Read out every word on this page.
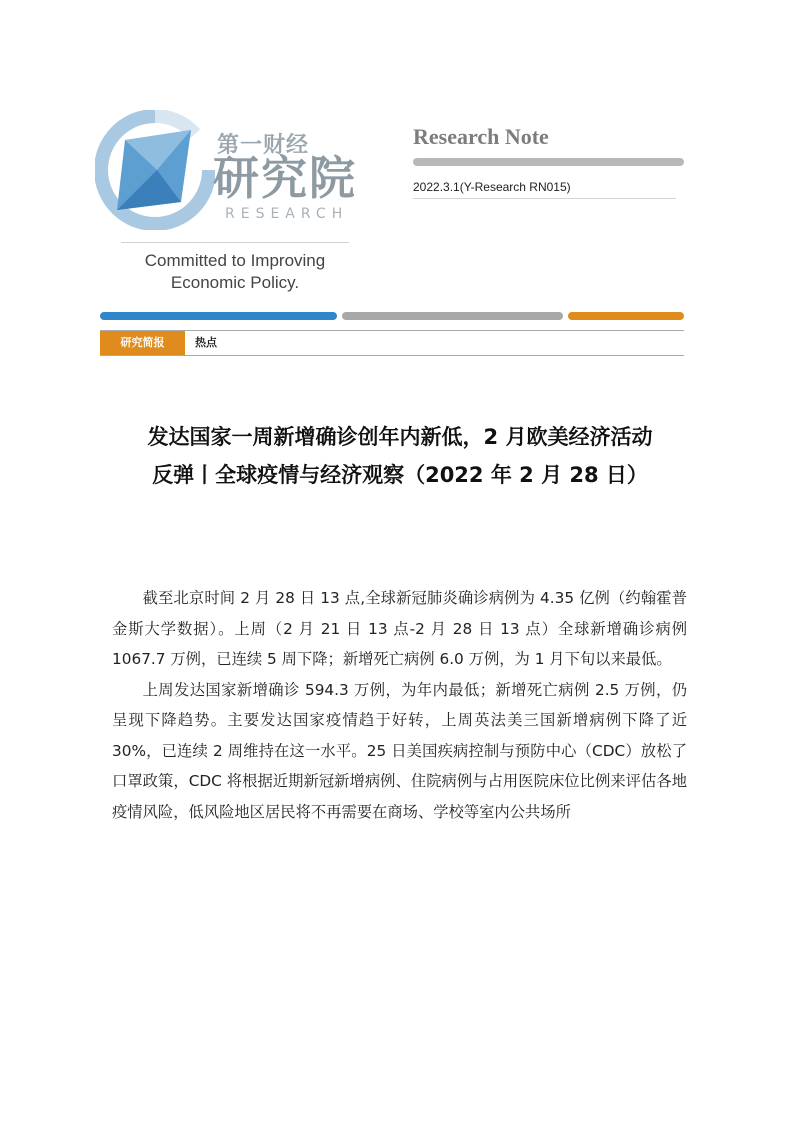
第一财经
研究院
RESEARCH
Committed to Improving
Economic Policy.
Research Note
2022.3.1(Y-Research RN015)
研究简报	热点
发达国家一周新增确诊创年内新低，2 月欧美经济活动
反弹丨全球疫情与经济观察（2022 年 2 月 28 日）

截至北京时间 2 月 28 日 13 点,全球新冠肺炎确诊病例为 4.35 亿例（约翰霍普金斯大学数据）。上周（2 月 21 日 13 点-2 月 28 日 13 点）全球新增确诊病例 1067.7 万例，已连续 5 周下降；新增死亡病例 6.0 万例，为 1 月下旬以来最低。

上周发达国家新增确诊 594.3 万例，为年内最低；新增死亡病例 2.5 万例，仍呈现下降趋势。主要发达国家疫情趋于好转，上周英法美三国新增病例下降了近 30%，已连续 2 周维持在这一水平。25 日美国疾病控制与预防中心（CDC）放松了口罩政策，CDC 将根据近期新冠新增病例、住院病例与占用医院床位比例来评估各地疫情风险，低风险地区居民将不再需要在商场、学校等室内公共场所
